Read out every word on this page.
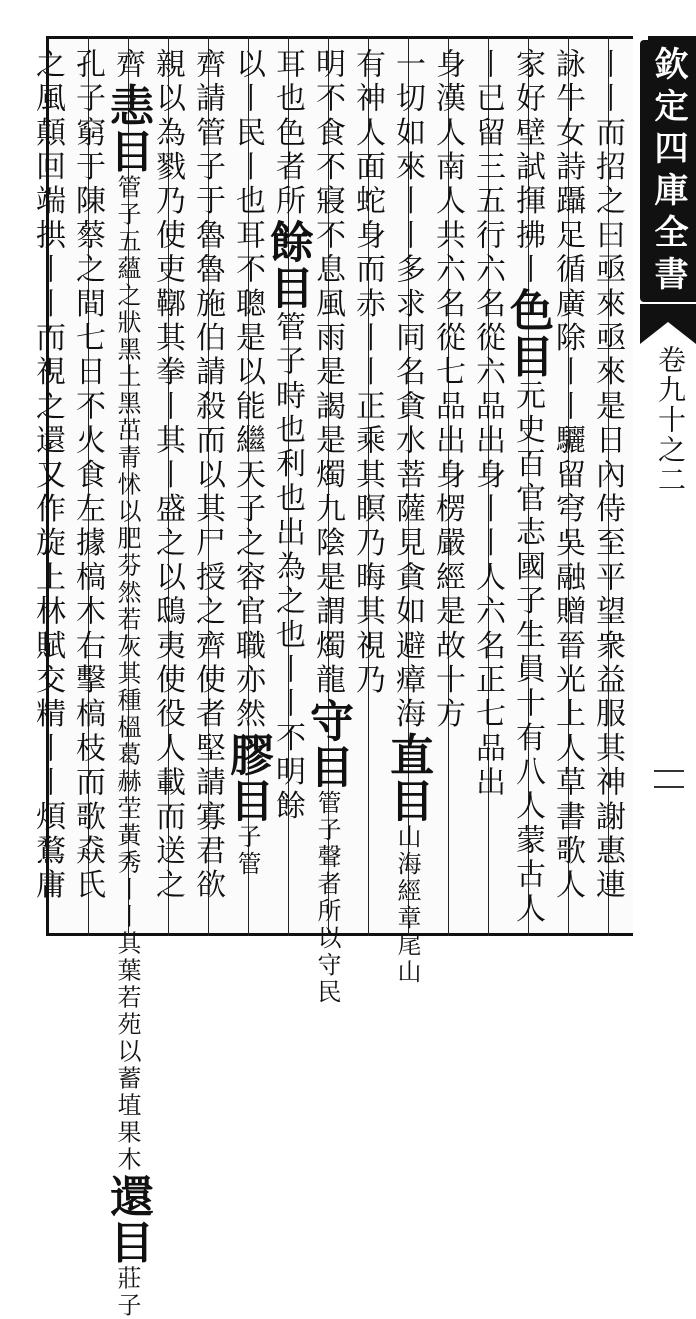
欽定四庫全書
卷九十之二
丨丨而招之曰亟來亟來是日內侍至平望衆益服其神謝惠連
詠牛女詩躡足循廣除丨丨驪留穹吳融贈晉光上人草書歌人
家好壁試揮拂丨色目元史百官志國子生員十有八人蒙古人
丨已留三五行六名從六品出身丨丨人六名正七品出
身漢人南人共六名從七品出身楞嚴經是故十方
一切如來丨丨多求同名貪水菩薩見貪如避瘴海直目山海經章尾山
有神人面蛇身而赤丨丨正乘其瞑乃晦其視乃
明不食不寢不息風雨是謁是燭九陰是謂燭龍守目管子聲者所以守民
耳也色者所餘目管子時也利也出為之也丨丨不明餘
以丨民丨也耳不聰是以能繼天子之容官職亦然膠目子管
齊請管子于魯魯施伯請殺而以其尸授之齊使者堅請寡君欲
親以為戮乃使吏鞹其拳丨其丨盛之以鴟夷使役人載而送之
齊恚目管子五蘊之狀黑土黑茁青怵以肥芬然若灰其種榲葛赫茔黃秀丨丨其葉若苑以蓄埴果木還目莊子
孔子窮于陳蔡之間七日不火食左據槁木右擊槁枝而歌猋氏
之風顛回端拱丨丨而視之還又作旋上林賦交精丨丨煩鶩庸
